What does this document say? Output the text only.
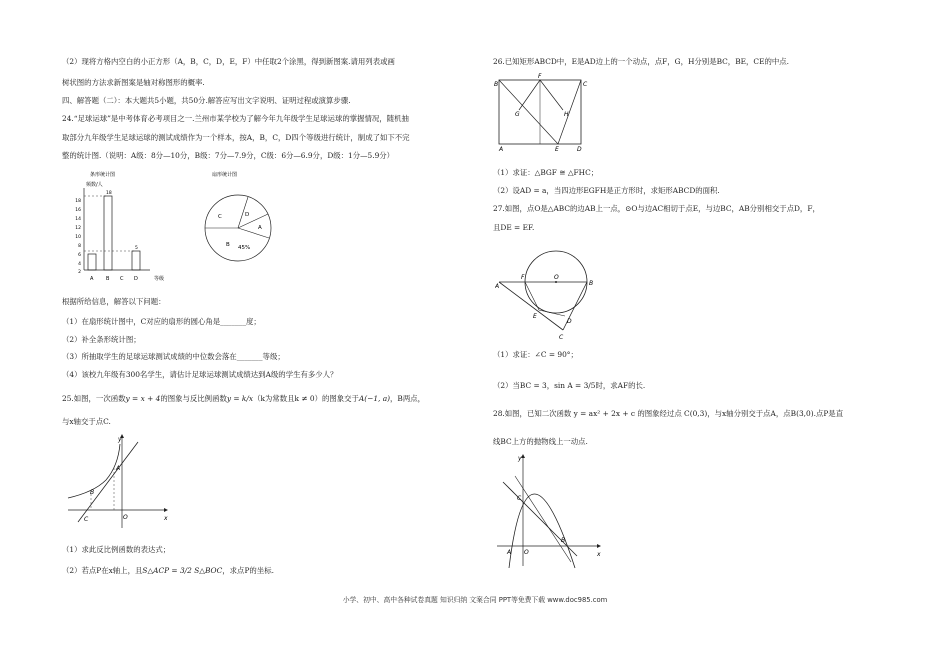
（2）现将方格内空白的小正方形（A，B，C，D，E，F）中任取2个涂黑，得到新图案.请用列表或画
树状图的方法求新图案是轴对称图形的概率.
四、解答题（二）：本大题共5小题，共50分.解答应写出文字说明、证明过程或演算步骤.
24.“足球运球”是中考体育必考项目之一.兰州市某学校为了解今年九年级学生足球运球的掌握情况，随机抽
取部分九年级学生足球运球的测试成绩作为一个样本，按A，B，C，D四个等级进行统计，制成了如下不完
整的统计图.（说明：A级：8分—10分，B级：7分—7.9分，C级：6分—6.9分，D级：1分—5.9分）
条形统计图
频数/人
18
16
14
12
10
8
6
4
2
18
5
A	B C D	等级
扇形统计图
C	D
A
B 45%
根据所给信息，解答以下问题：
（1）在扇形统计图中，C对应的扇形的圆心角是_______度；
（2）补全条形统计图；
（3）所抽取学生的足球运球测试成绩的中位数会落在_______等级；
（4）该校九年级有300名学生，请估计足球运球测试成绩达到A级的学生有多少人？
25.如图，一次函数y = x + 4的图象与反比例函数y = k/x（k为常数且k ≠ 0）的图象交于A(−1, a)，B两点，
与x轴交于点C.
y
x
A
B
C	O
（1）求此反比例函数的表达式；
（2）若点P在x轴上，且S△ACP = 3/2 S△BOC，求点P的坐标.
26.已知矩形ABCD中，E是AD边上的一个动点，点F，G，H分别是BC，BE，CE的中点.
B
F
C
G	H
A	E	D
（1）求证：△BGF ≅ △FHC；
（2）设AD = a，当四边形EGFH是正方形时，求矩形ABCD的面积.
27.如图，点O是△ABC的边AB上一点，⊙O与边AC相切于点E，与边BC，AB分别相交于点D，F，
且DE = EF.
A
F	O
B
E
D
C
（1）求证：∠C = 90°；
（2）当BC = 3，sin A = 3/5时，求AF的长.
28.如图，已知二次函数 y = ax² + 2x + c 的图象经过点 C(0,3)，与x轴分别交于点A，点B(3,0).点P是直
线BC上方的抛物线上一动点.
y
x
C
A O
B
小学、初中、高中各种试卷真题 知识归纳 文案合同 PPT等免费下载 www.doc985.com
